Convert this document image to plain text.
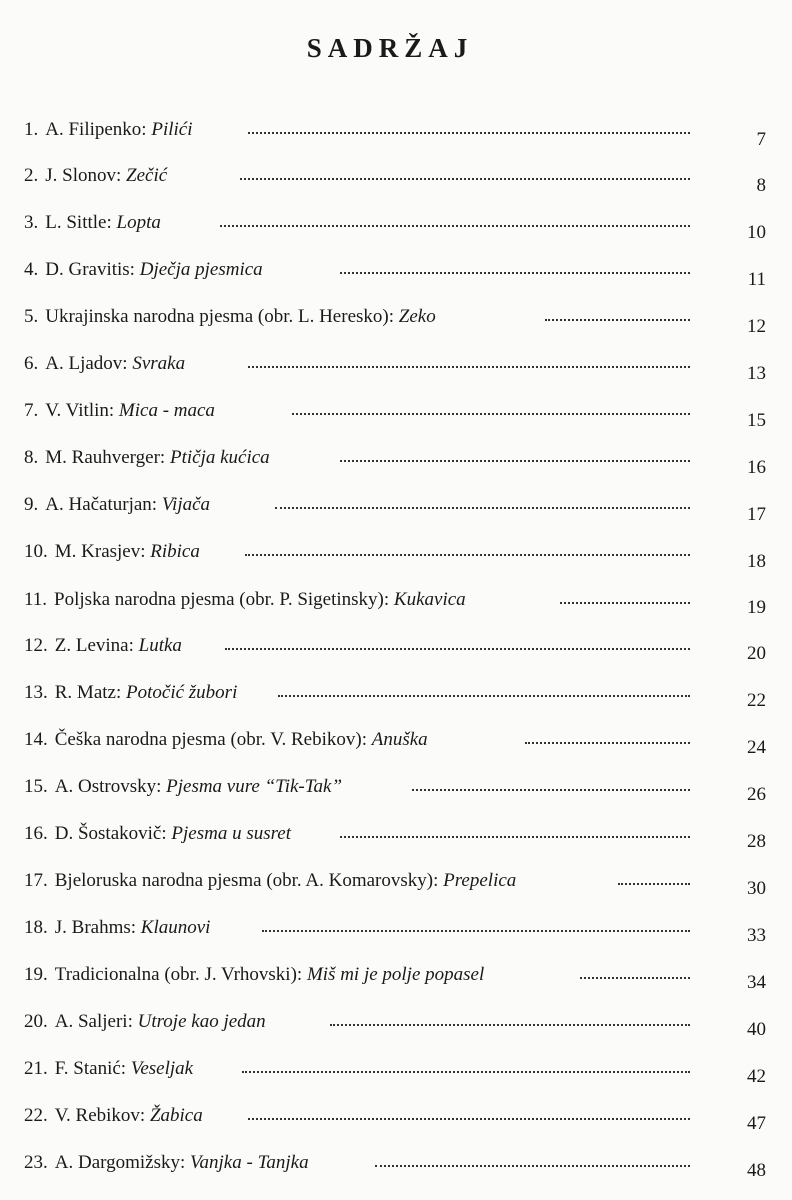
SADRŽAJ
1. A. Filipenko: Pilići	7
2. J. Slonov: Zečić	8
3. L. Sittle: Lopta	10
4. D. Gravitis: Dječja pjesmica	11
5. Ukrajinska narodna pjesma (obr. L. Heresko): Zeko	12
6. A. Ljadov: Svraka	13
7. V. Vitlin: Mica - maca	15
8. M. Rauhverger: Ptičja kućica	16
9. A. Hačaturjan: Vijača	17
10. M. Krasjev: Ribica	18
11. Poljska narodna pjesma (obr. P. Sigetinsky): Kukavica	19
12. Z. Levina: Lutka	20
13. R. Matz: Potočić žubori	22
14. Češka narodna pjesma (obr. V. Rebikov): Anuška	24
15. A. Ostrovsky: Pjesma vure “Tik-Tak”	26
16. D. Šostakovič: Pjesma u susret	28
17. Bjeloruska narodna pjesma (obr. A. Komarovsky): Prepelica	30
18. J. Brahms: Klaunovi	33
19. Tradicionalna (obr. J. Vrhovski): Miš mi je polje popasel	34
20. A. Saljeri: Utroje kao jedan	40
21. F. Stanić: Veseljak	42
22. V. Rebikov: Žabica	47
23. A. Dargomižsky: Vanjka - Tanjka	48
